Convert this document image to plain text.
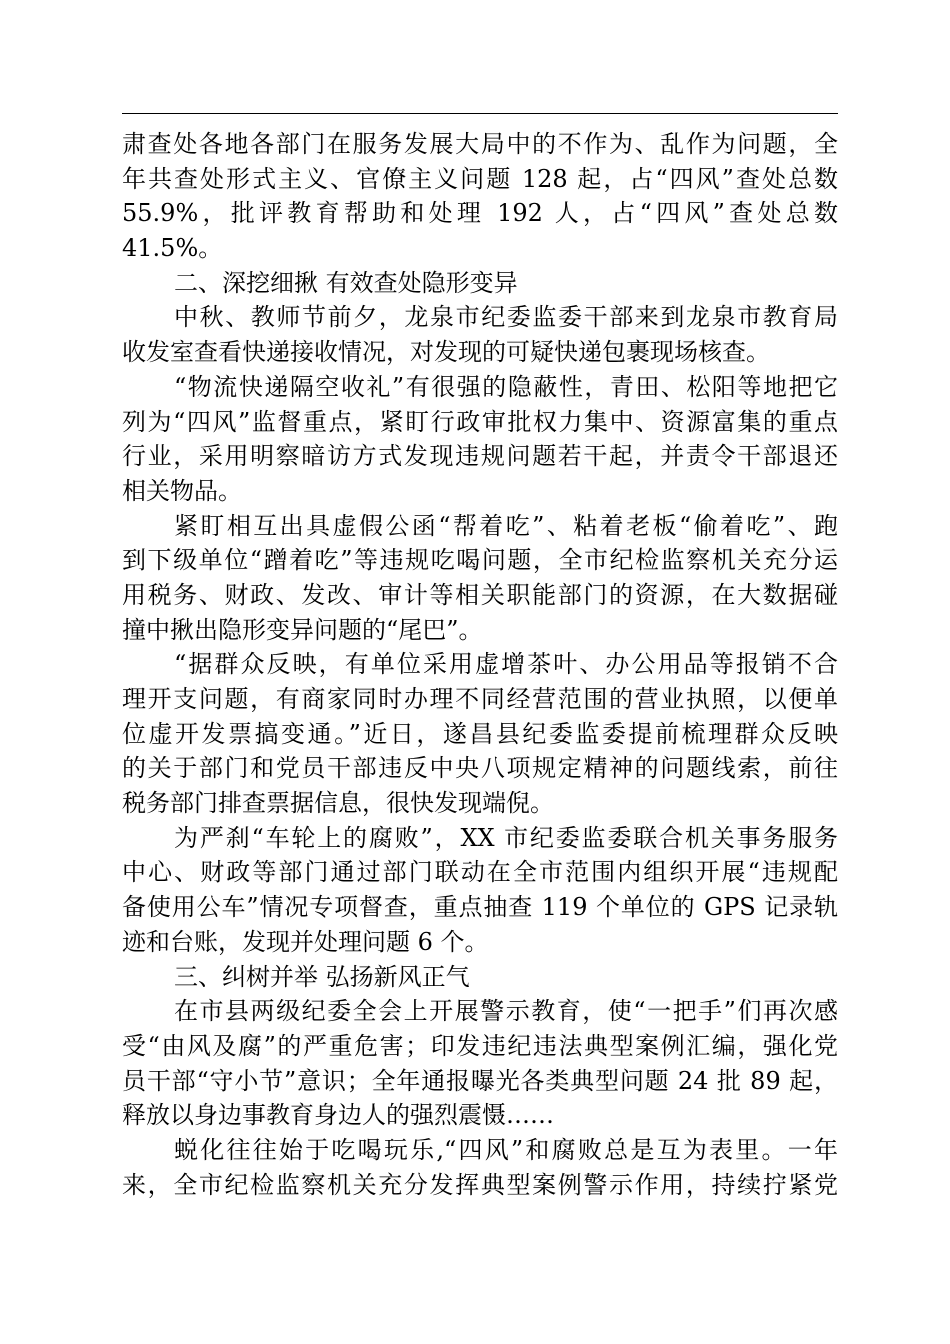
肃查处各地各部门在服务发展大局中的不作为、乱作为问题，全
年共查处形式主义、官僚主义问题 128 起，占“四风”查处总数
55.9%，批评教育帮助和处理 192 人，占“四风”查处总数
41.5%。
二、深挖细揪 有效查处隐形变异
中秋、教师节前夕，龙泉市纪委监委干部来到龙泉市教育局
收发室查看快递接收情况，对发现的可疑快递包裹现场核查。
“物流快递隔空收礼”有很强的隐蔽性，青田、松阳等地把它
列为“四风”监督重点，紧盯行政审批权力集中、资源富集的重点
行业，采用明察暗访方式发现违规问题若干起，并责令干部退还
相关物品。
紧盯相互出具虚假公函“帮着吃”、粘着老板“偷着吃”、跑
到下级单位“蹭着吃”等违规吃喝问题，全市纪检监察机关充分运
用税务、财政、发改、审计等相关职能部门的资源，在大数据碰
撞中揪出隐形变异问题的“尾巴”。
“据群众反映，有单位采用虚增茶叶、办公用品等报销不合
理开支问题，有商家同时办理不同经营范围的营业执照，以便单
位虚开发票搞变通。”近日，遂昌县纪委监委提前梳理群众反映
的关于部门和党员干部违反中央八项规定精神的问题线索，前往
税务部门排查票据信息，很快发现端倪。
为严刹“车轮上的腐败”，XX 市纪委监委联合机关事务服务
中心、财政等部门通过部门联动在全市范围内组织开展“违规配
备使用公车”情况专项督查，重点抽查 119 个单位的 GPS 记录轨
迹和台账，发现并处理问题 6 个。
三、纠树并举 弘扬新风正气
在市县两级纪委全会上开展警示教育，使“一把手”们再次感
受“由风及腐”的严重危害；印发违纪违法典型案例汇编，强化党
员干部“守小节”意识；全年通报曝光各类典型问题 24 批 89 起，
释放以身边事教育身边人的强烈震慑……
蜕化往往始于吃喝玩乐,“四风”和腐败总是互为表里。一年
来，全市纪检监察机关充分发挥典型案例警示作用，持续拧紧党
